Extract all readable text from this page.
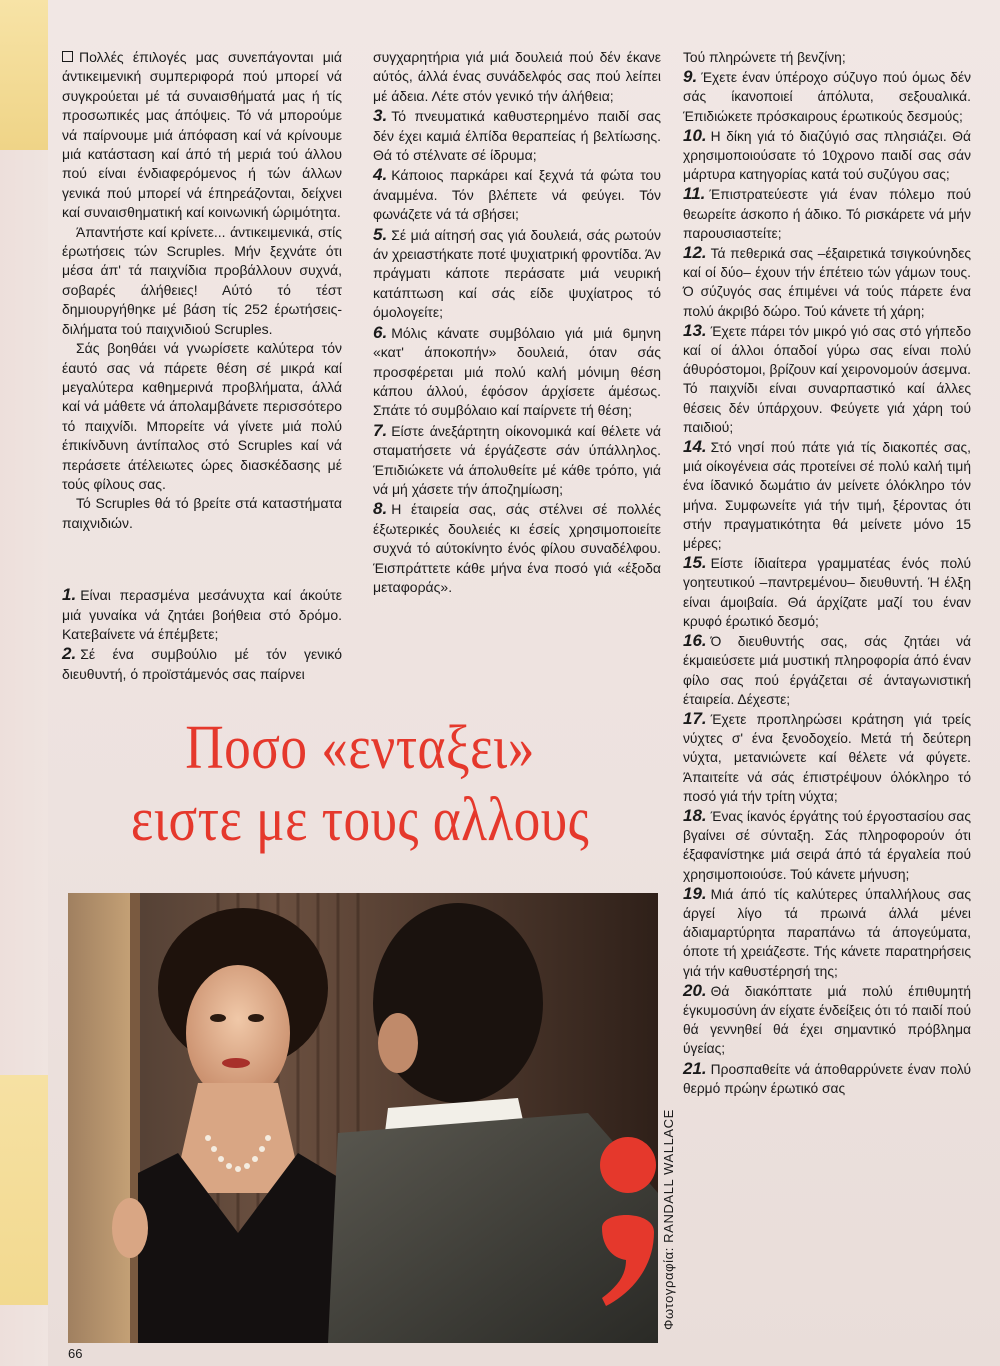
Πολλές έπιλογές μας συνεπάγονται μιά άντικειμενική συμπεριφορά πού μπορεί νά συγκρούεται μέ τά συναισθήματά μας ή τίς προσωπικές μας άπόψεις. Τό νά μπορούμε νά παίρνουμε μιά άπόφαση καί νά κρίνουμε μιά κατάσταση καί άπό τή μεριά τού άλλου πού είναι ένδιαφερόμενος ή τών άλλων γενικά πού μπορεί νά έπηρεάζονται, δείχνει καί συναισθηματική καί κοινωνική ώριμότητα.

Άπαντήστε καί κρίνετε... άντικειμενικά, στίς έρωτήσεις τών Scruples. Μήν ξεχνάτε ότι μέσα άπ' τά παιχνίδια προβάλλουν συχνά, σοβαρές άλήθειες! Αύτό τό τέστ δημιουργήθηκε μέ βάση τίς 252 έρωτήσεις-διλήματα τού παιχνιδιού Scruples.

Σάς βοηθάει νά γνωρίσετε καλύτερα τόν έαυτό σας νά πάρετε θέση σέ μικρά καί μεγαλύτερα καθημερινά προβλήματα, άλλά καί νά μάθετε νά άπολαμβάνετε περισσότερο τό παιχνίδι. Μπορείτε νά γίνετε μιά πολύ έπικίνδυνη άντίπαλος στό Scruples καί νά περάσετε άτέλειωτες ώρες διασκέδασης μέ τούς φίλους σας.

Τό Scruples θά τό βρείτε στά καταστήματα παιχνιδιών.

1. Είναι περασμένα μεσάνυχτα καί άκούτε μιά γυναίκα νά ζητάει βοήθεια στό δρόμο. Κατεβαίνετε νά έπέμβετε;

2. Σέ ένα συμβούλιο μέ τόν γενικό διευθυντή, ό προϊστάμενός σας παίρνει

συγχαρητήρια γιά μιά δουλειά πού δέν έκανε αύτός, άλλά ένας συνάδελφός σας πού λείπει μέ άδεια. Λέτε στόν γενικό τήν άλήθεια;

3. Τό πνευματικά καθυστερημένο παιδί σας δέν έχει καμιά έλπίδα θεραπείας ή βελτίωσης. Θά τό στέλνατε σέ ίδρυμα;

4. Κάποιος παρκάρει καί ξεχνά τά φώτα του άναμμένα. Τόν βλέπετε νά φεύγει. Τόν φωνάζετε νά τά σβήσει;

5. Σέ μιά αίτησή σας γιά δουλειά, σάς ρωτούν άν χρειαστήκατε ποτέ ψυχιατρική φροντίδα. Άν πράγματι κάποτε περάσατε μιά νευρική κατάπτωση καί σάς είδε ψυχίατρος τό όμολογείτε;

6. Μόλις κάνατε συμβόλαιο γιά μιά 6μηνη «κατ' άποκοπήν» δουλειά, όταν σάς προσφέρεται μιά πολύ καλή μόνιμη θέση κάπου άλλού, έφόσον άρχίσετε άμέσως. Σπάτε τό συμβόλαιο καί παίρνετε τή θέση;

7. Είστε άνεξάρτητη οίκονομικά καί θέλετε νά σταματήσετε νά έργάζεστε σάν ύπάλληλος. Έπιδιώκετε νά άπολυθείτε μέ κάθε τρόπο, γιά νά μή χάσετε τήν άποζημίωση;

8. Η έταιρεία σας, σάς στέλνει σέ πολλές έξωτερικές δουλειές κι έσείς χρησιμοποιείτε συχνά τό αύτοκίνητο ένός φίλου συναδέλφου. Έισπράττετε κάθε μήνα ένα ποσό γιά «έξοδα μεταφοράς».

Τού πληρώνετε τή βενζίνη;

9. Έχετε έναν ύπέροχο σύζυγο πού όμως δέν σάς ίκανοποιεί άπόλυτα, σεξουαλικά. Έπιδιώκετε πρόσκαιρους έρωτικούς δεσμούς;

10. Η δίκη γιά τό διαζύγιό σας πλησιάζει. Θά χρησιμοποιούσατε τό 10χρονο παιδί σας σάν μάρτυρα κατηγορίας κατά τού συζύγου σας;

11. Έπιστρατεύεστε γιά έναν πόλεμο πού θεωρείτε άσκοπο ή άδικο. Τό ρισκάρετε νά μήν παρουσιαστείτε;

12. Τά πεθερικά σας –έξαιρετικά τσιγκούνηδες καί οί δύο– έχουν τήν έπέτειο τών γάμων τους. Ό σύζυγός σας έπιμένει νά τούς πάρετε ένα πολύ άκριβό δώρο. Τού κάνετε τή χάρη;

13. Έχετε πάρει τόν μικρό γιό σας στό γήπεδο καί οί άλλοι όπαδοί γύρω σας είναι πολύ άθυρόστομοι, βρίζουν καί χειρονομούν άσεμνα. Τό παιχνίδι είναι συναρπαστικό καί άλλες θέσεις δέν ύπάρχουν. Φεύγετε γιά χάρη τού παιδιού;

14. Στό νησί πού πάτε γιά τίς διακοπές σας, μιά οίκογένεια σάς προτείνει σέ πολύ καλή τιμή ένα ίδανικό δωμάτιο άν μείνετε όλόκληρο τόν μήνα. Συμφωνείτε γιά τήν τιμή, ξέροντας ότι στήν πραγματικότητα θά μείνετε μόνο 15 μέρες;

15. Είστε ίδιαίτερα γραμματέας ένός πολύ γοητευτικού –παντρεμένου– διευθυντή. Ή έλξη είναι άμοιβαία. Θά άρχίζατε μαζί του έναν κρυφό έρωτικό δεσμό;

16. Ό διευθυντής σας, σάς ζητάει νά έκμαιεύσετε μιά μυστική πληροφορία άπό έναν φίλο σας πού έργάζεται σέ άνταγωνιστική έταιρεία. Δέχεστε;

17. Έχετε προπληρώσει κράτηση γιά τρείς νύχτες σ' ένα ξενοδοχείο. Μετά τή δεύτερη νύχτα, μετανιώνετε καί θέλετε νά φύγετε. Άπαιτείτε νά σάς έπιστρέψουν όλόκληρο τό ποσό γιά τήν τρίτη νύχτα;

18. Ένας ίκανός έργάτης τού έργοστασίου σας βγαίνει σέ σύνταξη. Σάς πληροφορούν ότι έξαφανίστηκε μιά σειρά άπό τά έργαλεία πού χρησιμοποιούσε. Τού κάνετε μήνυση;

19. Μιά άπό τίς καλύτερες ύπαλλήλους σας άργεί λίγο τά πρωινά άλλά μένει άδιαμαρτύρητα παραπάνω τά άπογεύματα, όποτε τή χρειάζεστε. Τής κάνετε παρατηρήσεις γιά τήν καθυστέρησή της;

20. Θά διακόπτατε μιά πολύ έπιθυμητή έγκυμοσύνη άν είχατε ένδείξεις ότι τό παιδί πού θά γεννηθεί θά έχει σημαντικό πρόβλημα ύγείας;

21. Προσπαθείτε νά άποθαρρύνετε έναν πολύ θερμό πρώην έρωτικό σας

Ποσο «ενταξει»
ειστε με τους αλλους
Φωτογραφία: RANDALL WALLACE
66
